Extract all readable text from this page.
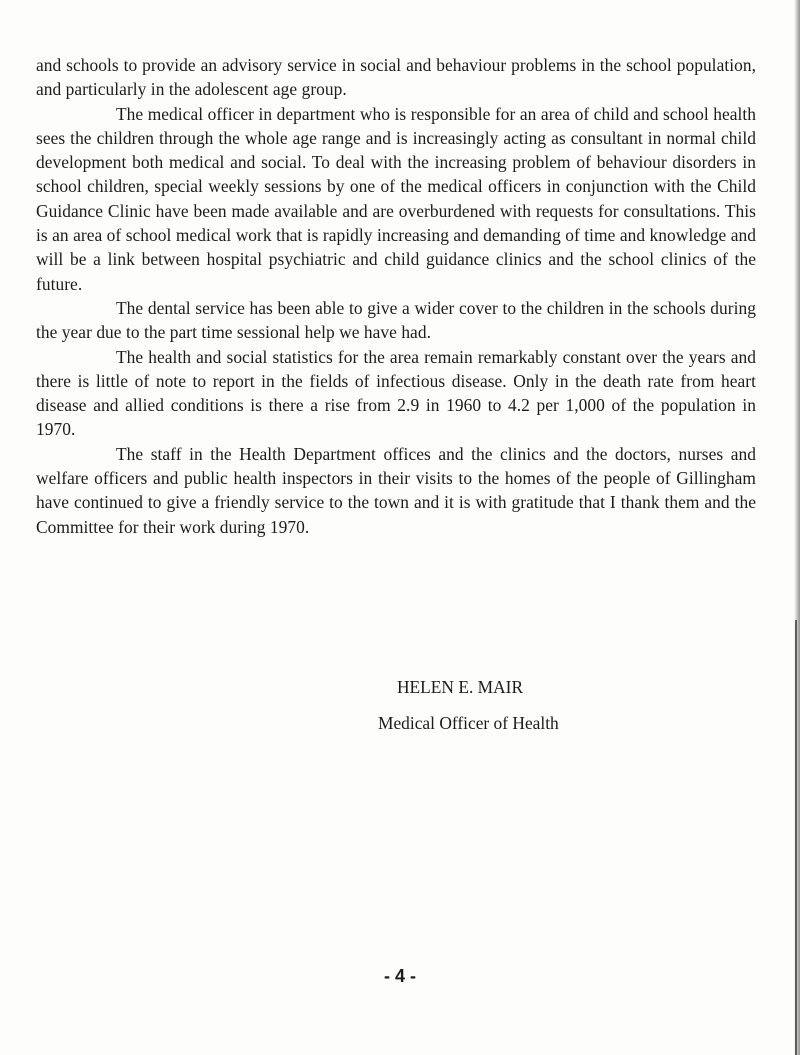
and schools to provide an advisory service in social and behaviour problems in the school population, and particularly in the adolescent age group.

The medical officer in department who is responsible for an area of child and school health sees the children through the whole age range and is increasingly acting as consultant in normal child development both medical and social. To deal with the increasing problem of behaviour disorders in school children, special weekly sessions by one of the medical officers in conjunction with the Child Guidance Clinic have been made available and are overburdened with requests for consultations. This is an area of school medical work that is rapidly increasing and demanding of time and knowledge and will be a link between hospital psychiatric and child guidance clinics and the school clinics of the future.

The dental service has been able to give a wider cover to the children in the schools during the year due to the part time sessional help we have had.

The health and social statistics for the area remain remarkably constant over the years and there is little of note to report in the fields of infectious disease. Only in the death rate from heart disease and allied conditions is there a rise from 2.9 in 1960 to 4.2 per 1,000 of the population in 1970.

The staff in the Health Department offices and the clinics and the doctors, nurses and welfare officers and public health inspectors in their visits to the homes of the people of Gillingham have continued to give a friendly service to the town and it is with gratitude that I thank them and the Committee for their work during 1970.

HELEN E. MAIR
Medical Officer of Health
- 4 -
